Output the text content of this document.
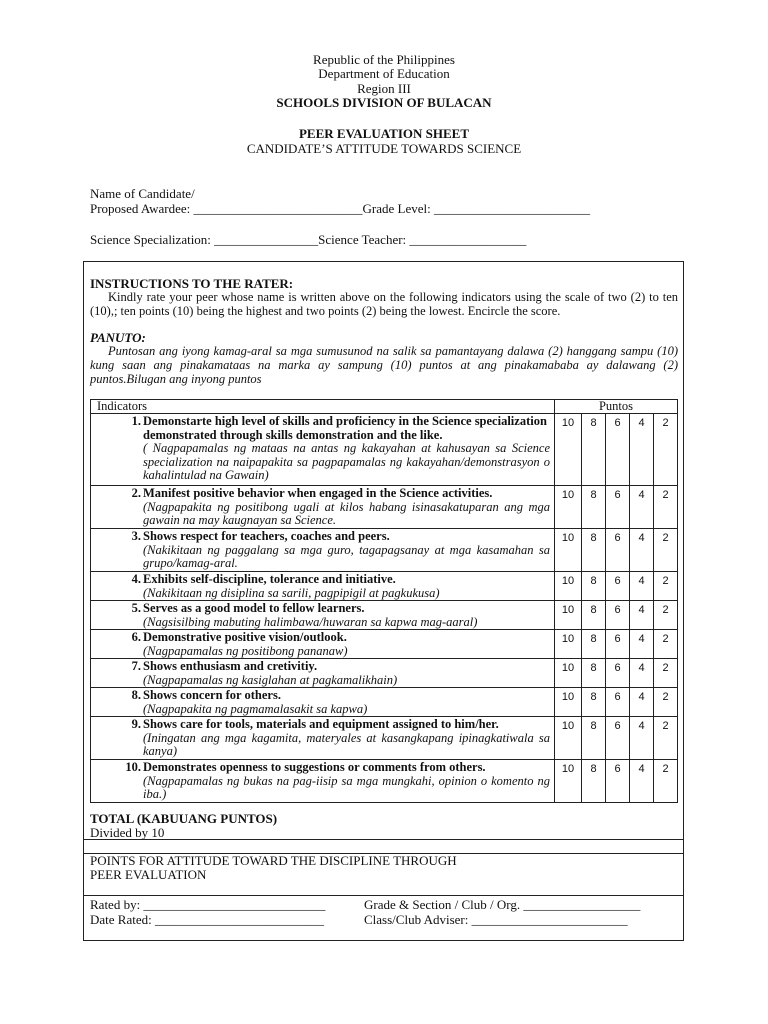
Republic of the Philippines
Department of Education
Region III
SCHOOLS DIVISION OF BULACAN
PEER EVALUATION SHEET
CANDIDATE’S ATTITUDE TOWARDS SCIENCE
Name of Candidate/
Proposed Awardee: __________________________Grade Level: ________________________
Science Specialization: ________________Science Teacher: __________________
INSTRUCTIONS TO THE RATER:
Kindly rate your peer whose name is written above on the following indicators using the scale of two (2) to ten (10),; ten points (10) being the highest and two points (2) being the lowest. Encircle the score.
PANUTO:
Puntosan ang iyong kamag-aral sa mga sumusunod na salik sa pamantayang dalawa (2) hanggang sampu (10) kung saan ang pinakamataas na marka ay sampung (10) puntos at ang pinakamababa ay dalawang (2) puntos.Bilugan ang inyong puntos
Indicators	Puntos				

1. Demonstarte high level of skills and proficiency in the Science specialization demonstrated through skills demonstration and the like.
( Nagpapamalas ng mataas na antas ng kakayahan at kahusayan sa Science specialization na naipapakita sa pagpapamalas ng kakayahan/demonstrasyon o kahalintulad na Gawain)	10	8	6	4	2

2. Manifest positive behavior when engaged in the Science activities.
(Nagpapakita ng positibong ugali at kilos habang isinasakatuparan ang mga gawain na may kaugnayan sa Science.	10	8	6	4	2

3. Shows respect for teachers, coaches and peers.
(Nakikitaan ng paggalang sa mga guro, tagapagsanay at mga kasamahan sa grupo/kamag-aral.	10	8	6	4	2

4. Exhibits self-discipline, tolerance and initiative.
(Nakikitaan ng disiplina sa sarili, pagpipigil at pagkukusa)	10	8	6	4	2

5. Serves as a good model to fellow learners.
(Nagsisilbing mabuting halimbawa/huwaran sa kapwa mag-aaral)	10	8	6	4	2

6. Demonstrative positive vision/outlook.
(Nagpapamalas ng positibong pananaw)	10	8	6	4	2

7. Shows enthusiasm and cretivitiy.
(Nagpapamalas ng kasiglahan at pagkamalikhain)	10	8	6	4	2

8. Shows concern for others.
(Nagpapakita ng pagmamalasakit sa kapwa)	10	8	6	4	2

9. Shows care for tools, materials and equipment assigned to him/her.
(Iningatan ang mga kagamita, materyales at kasangkapang ipinagkatiwala sa kanya)	10	8	6	4	2

10. Demonstrates openness to suggestions or comments from others.
(Nagpapamalas ng bukas na pag-iisip sa mga mungkahi, opinion o komento ng iba.)	10	8	6	4	2
TOTAL (KABUUANG PUNTOS)
Divided by 10
POINTS FOR ATTITUDE TOWARD THE DISCIPLINE THROUGH
PEER EVALUATION
Rated by: ____________________________
Date Rated: __________________________
Grade & Section / Club / Org. __________________
Class/Club Adviser: ________________________
